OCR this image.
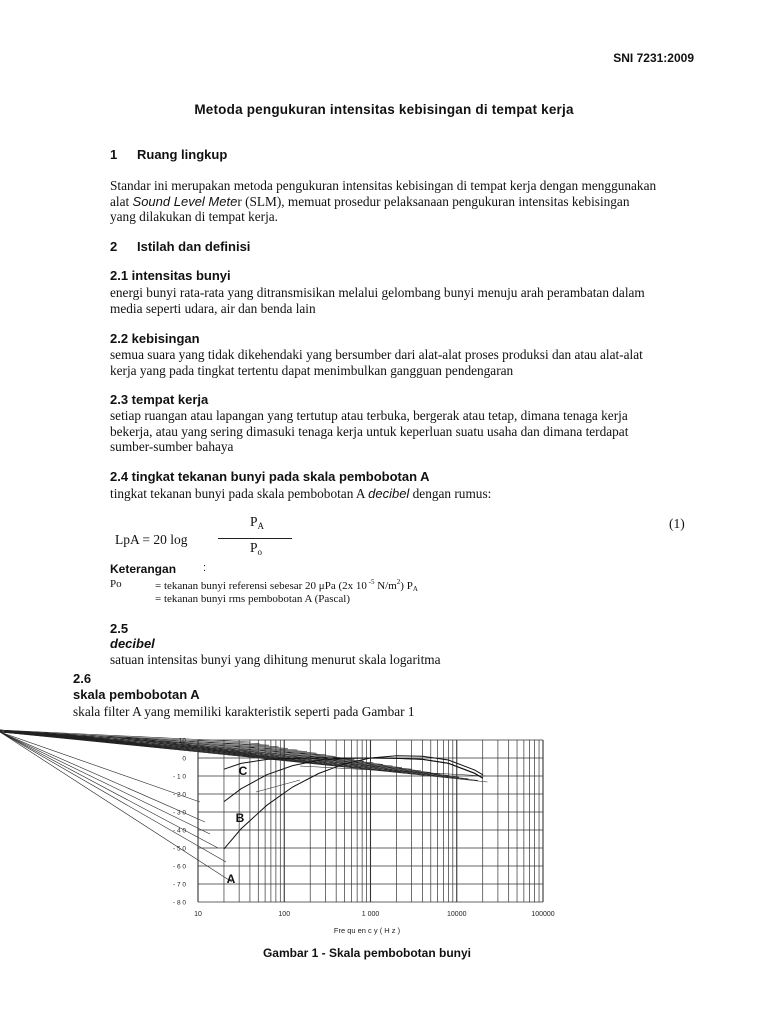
SNI 7231:2009
Metoda pengukuran intensitas kebisingan di tempat kerja
1 Ruang lingkup
Standar ini merupakan metoda pengukuran intensitas kebisingan di tempat kerja dengan menggunakan
alat Sound Level Meter (SLM), memuat prosedur pelaksanaan pengukuran intensitas kebisingan
yang dilakukan di tempat kerja.
2 Istilah dan definisi
2.1 intensitas bunyi
energi bunyi rata-rata yang ditransmisikan melalui gelombang bunyi menuju arah perambatan dalam
media seperti udara, air dan benda lain
2.2 kebisingan
semua suara yang tidak dikehendaki yang bersumber dari alat-alat proses produksi dan atau alat-alat
kerja yang pada tingkat tertentu dapat menimbulkan gangguan pendengaran
2.3 tempat kerja
setiap ruangan atau lapangan yang tertutup atau terbuka, bergerak atau tetap, dimana tenaga kerja
bekerja, atau yang sering dimasuki tenaga kerja untuk keperluan suatu usaha dan dimana terdapat
sumber-sumber bahaya
2.4 tingkat tekanan bunyi pada skala pembobotan A
tingkat tekanan bunyi pada skala pembobotan A decibel dengan rumus:
LpA = 20 log
$P_A$
$P_o$
(1)
Keterangan :
Po	= tekanan bunyi referensi sebesar 20 μPa (2x 10 $^{-5}$ $N/m^2$) PA
= tekanan bunyi rms pembobotan A (Pascal)
2.5
decibel
satuan intensitas bunyi yang dihitung menurut skala logaritma
2.6
skala pembobotan A
skala filter A yang memiliki karakteristik seperti pada Gambar 1
10
0
- 1 0
- 2 0
- 3 0
- 4 0
- 5 0
- 6 0
- 7 0
- 8 0
10	100	1 000	10000	100000
C
B
A
Fre qu en c y ( H z )
Gambar 1 - Skala pembobotan bunyi
